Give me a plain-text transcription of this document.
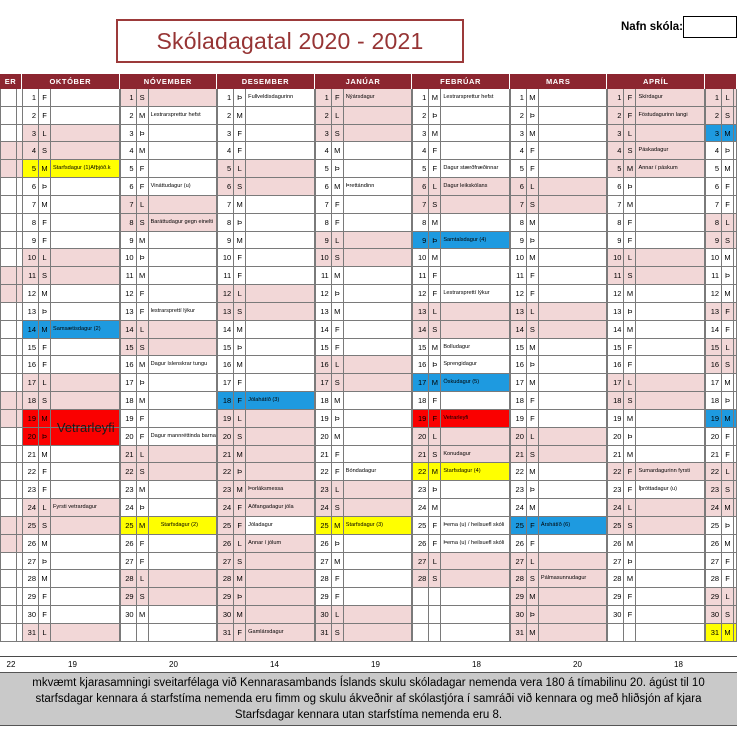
Skóladagatal 2020 - 2021
Nafn skóla:
ER	OKTÓBER
1 F
2 F
3 L
4 S
5 M Starfsdagur (1)Afþjóð.k
6 Þ
7 M
8 F
9 F
10 L
11 S
12 M
13 Þ
14 M Samsætisdagur (2)
15 F
16 F
17 L
18 S
19 M
20 Þ
21 M
22 F
23 F
24 L	Fyrsti vetrardagur
25 S
26 M
27 Þ
28 M
29 F
30 F
31 L
Vetrarleyfi
NÓVEMBER
1 S
2 M Lestrarsprettur hefst
3 Þ
4 M
5 F
6 F	Vináttudagur (u)
7 L
8 S	Baráttudagur gegn einelti
9 M
10 Þ
11 M
12 F
13 F	lestrarsprettí lýkur
14 L
15 S
16 M Dagur íslenskrar tungu
17 Þ
18 M
19 F
20 F	Dagur mannréttinda barna
21 L
22 S
23 M
24 Þ
25 M	Starfsdagur (2)
26 F
27 F
28 L
29 S
30 M
DESEMBER
1 Þ	Fullveldisdagurinn
2 M
3 F
4 F
5 L
6 S
7 M
8 Þ
9 M
10 F
11 F
12 L
13 S
14 M
15 Þ
16 M
17 F
18 F	Jólahátíð (3)
19 L
20 S
21 M
22 Þ
23 M Þorláksmessa
24 F	Aðfangadagur jóla
25 F	Jóladagur
26 L	Annar í jólum
27 S
28 M
29 Þ
30 M
31 F	Gamlársdagur
JANÚAR
1 F	Nýársdagur
2 L
3 S
4 M
5 Þ
6 M Þrettándinn
7 F
8 F
9 L
10 S
11 M
12 Þ
13 M
14 F
15 F
16 L
17 S
18 M
19 Þ
20 M
21 F
22 F	Bóndadagur
23 L
24 S
25 M Starfsdagur (3)
26 Þ
27 M
28 F
29 F
30 L
31 S
FEBRÚAR
1 M Lestrarsprettur hefst
2 Þ
3 M
4 F
5 F	Dagur stærðfræðinnar
6 L	Dagur leikskólans
7 S
8 M
9 Þ	Samtalsdagur (4)
10 M
11 F
12 F	Lestrarsprettí lýkur
13 L
14 S
15 M Bolludagur
16 Þ	Sprengidagur
17 M Öskudagur (5)
18 F
19 F	Vetrarleyfi
20 L
21 S	Konudagur
22 M Starfsdagur (4)
23 Þ
24 M
25 F	Þema (u) / heilsuefl skóli
26 F	Þema (u) / heilsuefl skóli
27 L
28 S
MARS
1 M
2 Þ
3 M
4 F
5 F
6 L
7 S
8 M
9 Þ
10 M
11 F
12 F
13 L
14 S
15 M
16 Þ
17 M
18 F
19 F
20 L
21 S
22 M
23 Þ
24 M
25 F	Árshátíð (6)
26 F
27 L
28 S	Pálmasunnudagur
29 M
30 Þ
31 M
APRÍL
1 F	Skírdagur
2 F	Föstudagurinn langi
3 L
4 S	Páskadagur
5 M Annar í páskum
6 Þ
7 M
8 F
9 F
10 L
11 S
12 M
13 Þ
14 M
15 F
16 F
17 L
18 S
19 M
20 Þ
21 M
22 F	Sumardagurinn fyrsti
23 F	Íþróttadagur (u)
24 L
25 S
26 M
27 Þ
28 M
29 F
30 F
1 L
2 S
3 M
4 Þ
5 M
6 F
7 F
8 L
9 S
10 M
11 Þ
12 M
13 F
14 F
15 L
16 S
17 M
18 Þ
19 M
20 F
21 F
22 L
23 S
24 M
25 Þ
26 M
27 F
28 F
29 L
30 S
31 M
22	19	20	14	19	18	20	18
mkvæmt kjarasamningi sveitarfélaga við Kennarasambands Íslands skulu skóladagar nemenda vera 180 á tímabilinu 20. ágúst til 10
starfsdagar kennara á starfstíma nemenda eru fimm og skulu ákveðnir af skólastjóra í samráði við kennara og með hliðsjón af kjara
Starfsdagar kennara utan starfstíma nemenda eru 8.
